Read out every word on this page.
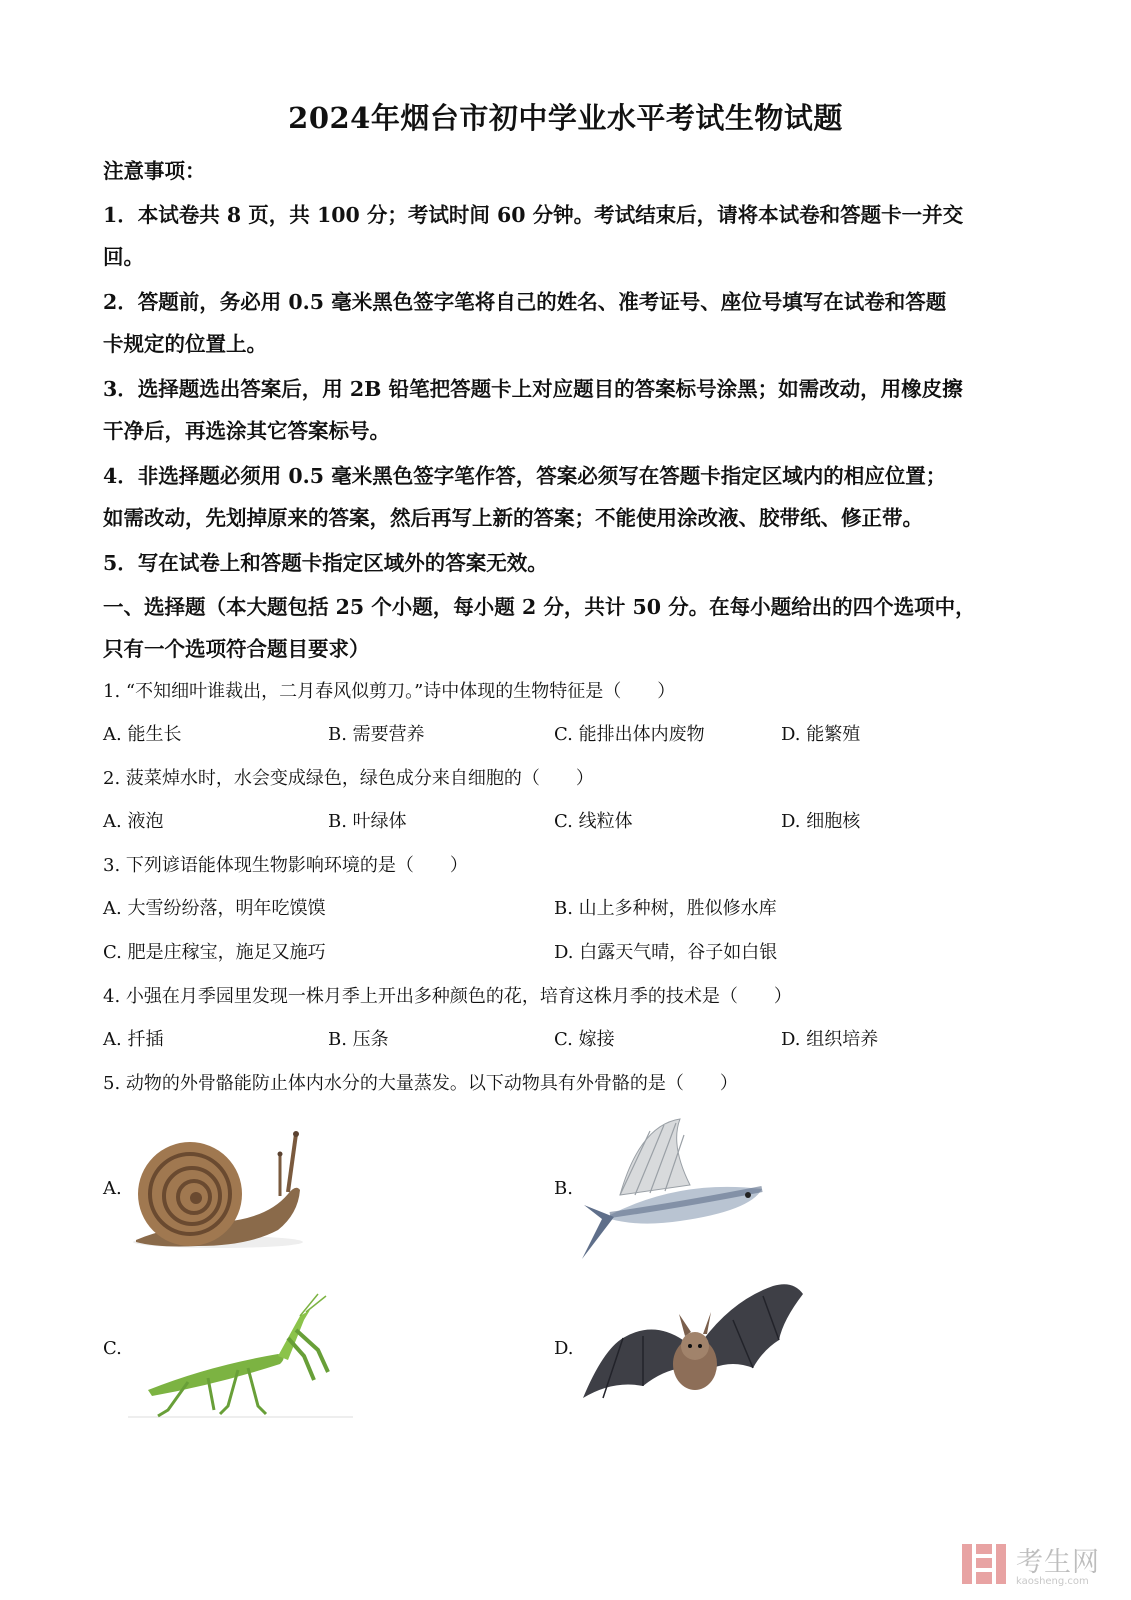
2024年烟台市初中学业水平考试生物试题
注意事项：
1．本试卷共 8 页，共 100 分；考试时间 60 分钟。考试结束后，请将本试卷和答题卡一并交
回。
2．答题前，务必用 0.5 毫米黑色签字笔将自己的姓名、准考证号、座位号填写在试卷和答题
卡规定的位置上。
3．选择题选出答案后，用 2B 铅笔把答题卡上对应题目的答案标号涂黑；如需改动，用橡皮擦
干净后，再选涂其它答案标号。
4．非选择题必须用 0.5 毫米黑色签字笔作答，答案必须写在答题卡指定区域内的相应位置；
如需改动，先划掉原来的答案，然后再写上新的答案；不能使用涂改液、胶带纸、修正带。
5．写在试卷上和答题卡指定区域外的答案无效。
一、选择题（本大题包括 25 个小题，每小题 2 分，共计 50 分。在每小题给出的四个选项中，
只有一个选项符合题目要求）
1. “不知细叶谁裁出，二月春风似剪刀。”诗中体现的生物特征是（　　）
A. 能生长	B. 需要营养	C. 能排出体内废物	D. 能繁殖
2. 菠菜焯水时，水会变成绿色，绿色成分来自细胞的（　　）
A. 液泡	B. 叶绿体	C. 线粒体	D. 细胞核
3. 下列谚语能体现生物影响环境的是（　　）
A. 大雪纷纷落，明年吃馍馍	B. 山上多种树，胜似修水库
C. 肥是庄稼宝，施足又施巧	D. 白露天气晴，谷子如白银
4. 小强在月季园里发现一株月季上开出多种颜色的花，培育这株月季的技术是（　　）
A. 扦插	B. 压条	C. 嫁接	D. 组织培养
5. 动物的外骨骼能防止体内水分的大量蒸发。以下动物具有外骨骼的是（　　）
A.	B.
C.	D.
考生网
kaosheng.com
